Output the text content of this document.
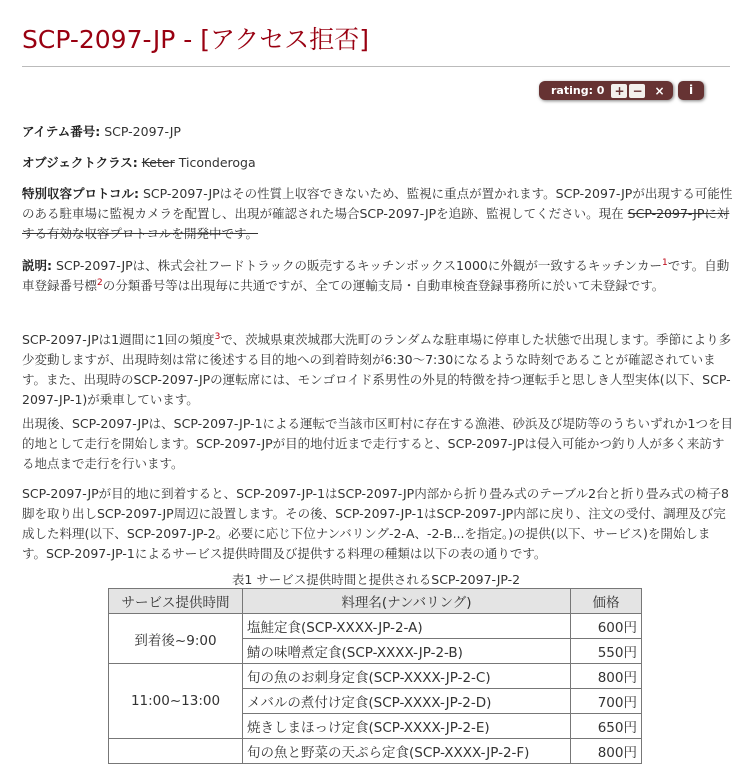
SCP-2097-JP - [アクセス拒否]
rating: 0 + − ×	i
アイテム番号: SCP-2097-JP
オブジェクトクラス: Keter Ticonderoga
特別収容プロトコル: SCP-2097-JPはその性質上収容できないため、監視に重点が置かれます。SCP-2097-JPが出現する可能性のある駐車場に監視カメラを配置し、出現が確認された場合SCP-2097-JPを追跡、監視してください。現在 SCP-2097-JPに対する有効な収容プロトコルを開発中です。
説明: SCP-2097-JPは、株式会社フードトラックの販売するキッチンボックス1000に外観が一致するキッチンカー$^1$です。自動車登録番号標$^2$の分類番号等は出現毎に共通ですが、全ての運輸支局・自動車検査登録事務所に於いて未登録です。
SCP-2097-JPは1週間に1回の頻度$^3$で、茨城県東茨城郡大洗町のランダムな駐車場に停車した状態で出現します。季節により多少変動しますが、出現時刻は常に後述する目的地への到着時刻が6:30〜7:30になるような時刻であることが確認されています。また、出現時のSCP-2097-JPの運転席には、モンゴロイド系男性の外見的特徴を持つ運転手と思しき人型実体(以下、SCP-2097-JP-1)が乗車しています。
出現後、SCP-2097-JPは、SCP-2097-JP-1による運転で当該市区町村に存在する漁港、砂浜及び堤防等のうちいずれか1つを目的地として走行を開始します。SCP-2097-JPが目的地付近まで走行すると、SCP-2097-JPは侵入可能かつ釣り人が多く来訪する地点まで走行を行います。
SCP-2097-JPが目的地に到着すると、SCP-2097-JP-1はSCP-2097-JP内部から折り畳み式のテーブル2台と折り畳み式の椅子8脚を取り出しSCP-2097-JP周辺に設置します。その後、SCP-2097-JP-1はSCP-2097-JP内部に戻り、注文の受付、調理及び完成した料理(以下、SCP-2097-JP-2。必要に応じ下位ナンバリング-2-A、-2-B...を指定。)の提供(以下、サービス)を開始します。SCP-2097-JP-1によるサービス提供時間及び提供する料理の種類は以下の表の通りです。
表1 サービス提供時間と提供されるSCP-2097-JP-2
サービス提供時間	料理名(ナンバリング)	価格
到着後~9:00	塩鮭定食(SCP-XXXX-JP-2-A)	600円
	鯖の味噌煮定食(SCP-XXXX-JP-2-B)	550円
11:00~13:00	旬の魚のお刺身定食(SCP-XXXX-JP-2-C)	800円
	メバルの煮付け定食(SCP-XXXX-JP-2-D)	700円
	焼きしまほっけ定食(SCP-XXXX-JP-2-E)	650円
	旬の魚と野菜の天ぷら定食(SCP-XXXX-JP-2-F)	800円
